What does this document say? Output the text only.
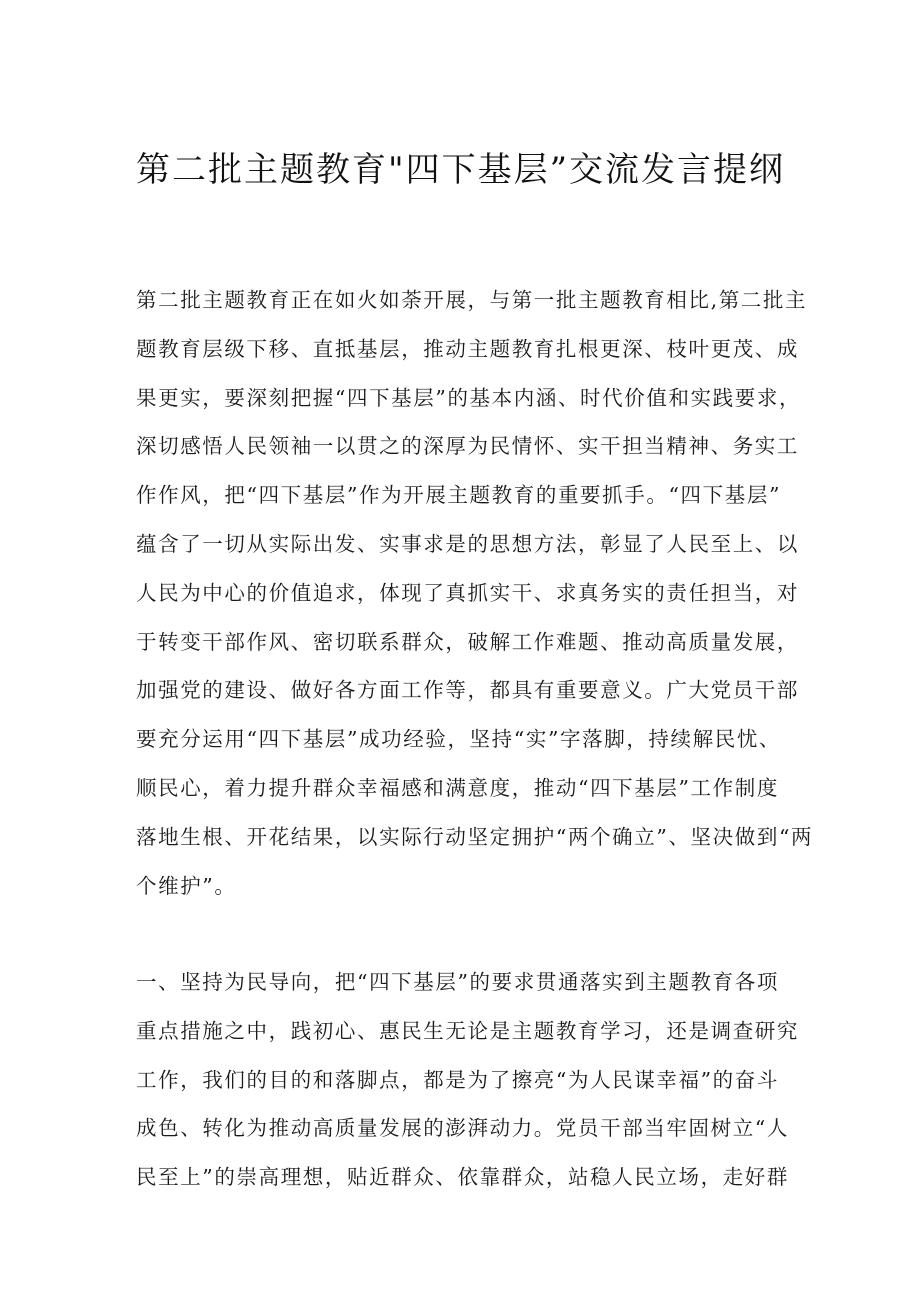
第二批主题教育"四下基层”交流发言提纲
第二批主题教育正在如火如荼开展，与第一批主题教育相比,第二批主
题教育层级下移、直抵基层，推动主题教育扎根更深、枝叶更茂、成
果更实，要深刻把握“四下基层”的基本内涵、时代价值和实践要求，
深切感悟人民领袖一以贯之的深厚为民情怀、实干担当精神、务实工
作作风，把“四下基层”作为开展主题教育的重要抓手。“四下基层”
蕴含了一切从实际出发、实事求是的思想方法，彰显了人民至上、以
人民为中心的价值追求，体现了真抓实干、求真务实的责任担当，对
于转变干部作风、密切联系群众，破解工作难题、推动高质量发展，
加强党的建设、做好各方面工作等，都具有重要意义。广大党员干部
要充分运用“四下基层”成功经验，坚持“实”字落脚，持续解民忧、
顺民心，着力提升群众幸福感和满意度，推动“四下基层”工作制度
落地生根、开花结果，以实际行动坚定拥护“两个确立”、坚决做到“两
个维护”。
一、坚持为民导向，把“四下基层”的要求贯通落实到主题教育各项
重点措施之中，践初心、惠民生无论是主题教育学习，还是调查研究
工作，我们的目的和落脚点，都是为了擦亮“为人民谋幸福”的奋斗
成色、转化为推动高质量发展的澎湃动力。党员干部当牢固树立“人
民至上”的崇高理想，贴近群众、依靠群众，站稳人民立场，走好群
